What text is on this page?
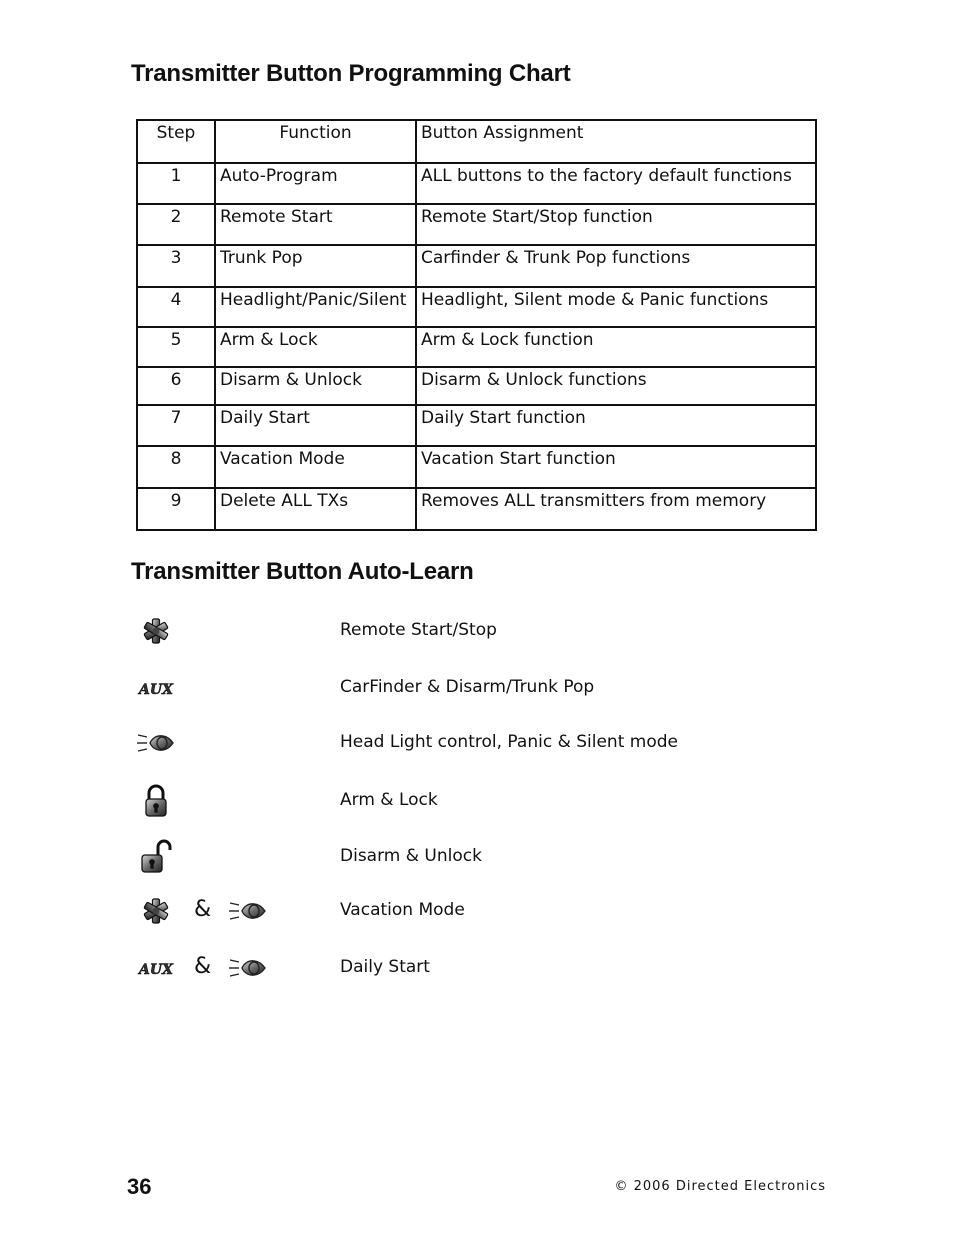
Transmitter Button Programming Chart
Step	Function	Button Assignment
1	Auto-Program	ALL buttons to the factory default functions
2	Remote Start	Remote Start/Stop function
3	Trunk Pop	Carfinder & Trunk Pop functions
4	Headlight/Panic/Silent	Headlight, Silent mode & Panic functions
5	Arm & Lock	Arm & Lock function
6	Disarm & Unlock	Disarm & Unlock functions
7	Daily Start	Daily Start function
8	Vacation Mode	Vacation Start function
9	Delete ALL TXs	Removes ALL transmitters from memory
Transmitter Button Auto-Learn
Remote Start/Stop
AUX	CarFinder & Disarm/Trunk Pop
Head Light control, Panic & Silent mode
Arm & Lock
Disarm & Unlock
&	Vacation Mode
AUX &	Daily Start
36	© 2006 Directed Electronics
